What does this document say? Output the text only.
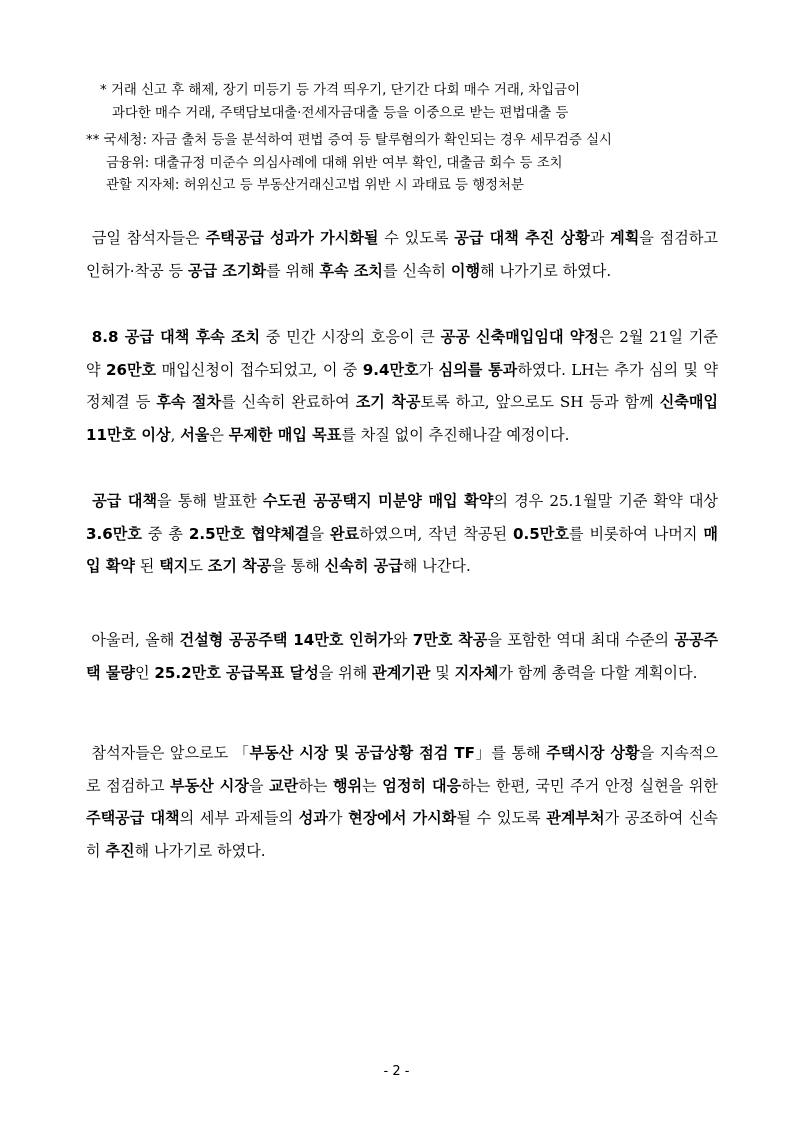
* 거래 신고 후 해제, 장기 미등기 등 가격 띄우기, 단기간 다회 매수 거래, 차입금이
과다한 매수 거래, 주택담보대출·전세자금대출 등을 이중으로 받는 편법대출 등
** 국세청: 자금 출처 등을 분석하여 편법 증여 등 탈루혐의가 확인되는 경우 세무검증 실시
금융위: 대출규정 미준수 의심사례에 대해 위반 여부 확인, 대출금 회수 등 조치
관할 지자체: 허위신고 등 부동산거래신고법 위반 시 과태료 등 행정처분
금일 참석자들은 주택공급 성과가 가시화될 수 있도록 공급 대책 추진 상황과 계획을 점검하고 인허가·착공 등 공급 조기화를 위해 후속 조치를 신속히 이행해 나가기로 하였다.
8.8 공급 대책 후속 조치 중 민간 시장의 호응이 큰 공공 신축매입임대 약정은 2월 21일 기준 약 26만호 매입신청이 접수되었고, 이 중 9.4만호가 심의를 통과하였다. LH는 추가 심의 및 약정체결 등 후속 절차를 신속히 완료하여 조기 착공토록 하고, 앞으로도 SH 등과 함께 신축매입 11만호 이상, 서울은 무제한 매입 목표를 차질 없이 추진해나갈 예정이다.
공급 대책을 통해 발표한 수도권 공공택지 미분양 매입 확약의 경우 25.1월말 기준 확약 대상 3.6만호 중 총 2.5만호 협약체결을 완료하였으며, 작년 착공된 0.5만호를 비롯하여 나머지 매입 확약 된 택지도 조기 착공을 통해 신속히 공급해 나간다.
아울러, 올해 건설형 공공주택 14만호 인허가와 7만호 착공을 포함한 역대 최대 수준의 공공주택 물량인 25.2만호 공급목표 달성을 위해 관계기관 및 지자체가 함께 총력을 다할 계획이다.
참석자들은 앞으로도 「부동산 시장 및 공급상황 점검 TF」를 통해 주택시장 상황을 지속적으로 점검하고 부동산 시장을 교란하는 행위는 엄정히 대응하는 한편, 국민 주거 안정 실현을 위한 주택공급 대책의 세부 과제들의 성과가 현장에서 가시화될 수 있도록 관계부처가 공조하여 신속히 추진해 나가기로 하였다.
- 2 -
